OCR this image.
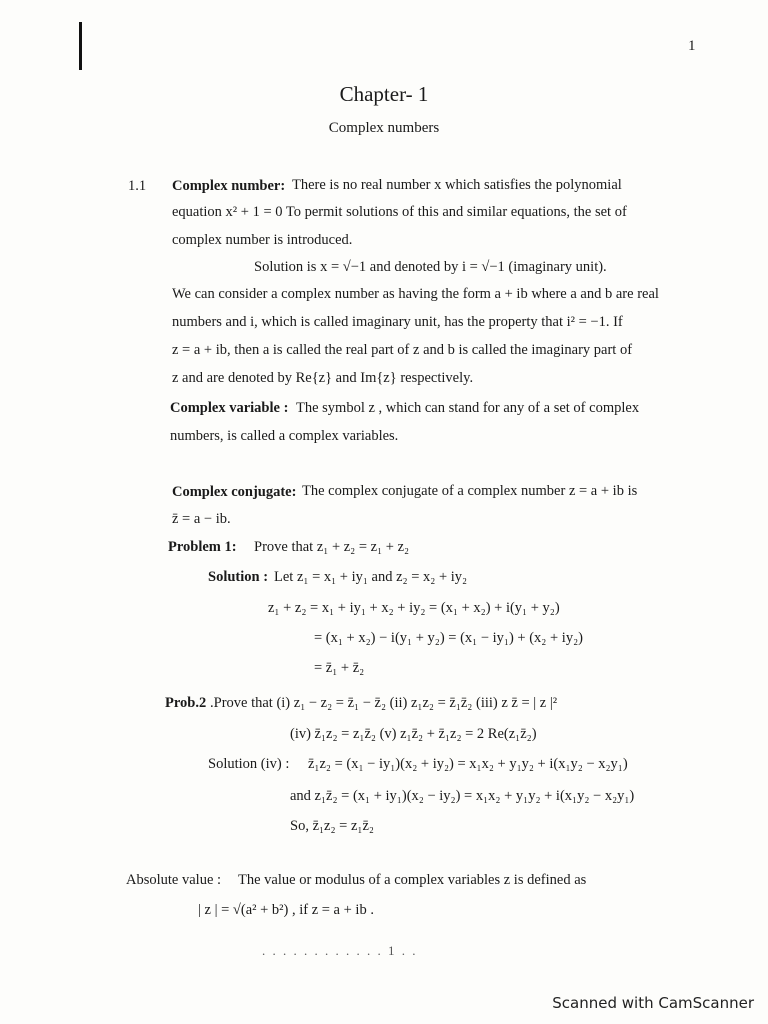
1
Chapter- 1
Complex numbers
1.1 Complex number: There is no real number x which satisfies the polynomial
equation x² + 1 = 0 To permit solutions of this and similar equations, the set of
complex number is introduced.
Solution is x = √−1 and denoted by i = √−1 (imaginary unit).
We can consider a complex number as having the form a + ib where a and b are real
numbers and i, which is called imaginary unit, has the property that i² = −1. If
z = a + ib, then a is called the real part of z and b is called the imaginary part of
z and are denoted by Re{z} and Im{z} respectively.
Complex variable : The symbol z , which can stand for any of a set of complex
numbers, is called a complex variables.
Complex conjugate: The complex conjugate of a complex number z = a + ib is
z̄ = a − ib.
Problem 1: Prove that z₁ + z₂ = z₁ + z₂
Solution : Let z₁ = x₁ + iy₁ and z₂ = x₂ + iy₂
z₁ + z₂ = x₁ + iy₁ + x₂ + iy₂ = (x₁ + x₂) + i(y₁ + y₂)
= (x₁ + x₂) − i(y₁ + y₂) = (x₁ − iy₁) + (x₂ + iy₂)
= z̄₁ + z̄₂
Prob.2 .Prove that (i) z₁ − z₂ = z̄₁ − z̄₂ (ii) z₁z₂ = z̄₁z̄₂ (iii) z z̄ = | z |²
(iv) z̄₁z₂ = z₁z̄₂ (v) z₁z̄₂ + z̄₁z₂ = 2 Re(z₁z̄₂)
Solution (iv) : z̄₁z₂ = (x₁ − iy₁)(x₂ + iy₂) = x₁x₂ + y₁y₂ + i(x₁y₂ − x₂y₁)
and z₁z̄₂ = (x₁ + iy₁)(x₂ − iy₂) = x₁x₂ + y₁y₂ + i(x₁y₂ − x₂y₁)
So, z̄₁z₂ = z₁z̄₂
Absolute value : The value or modulus of a complex variables z is defined as
| z | = √(a² + b²) , if z = a + ib .
. . . . . . . . . . . . 1 . .
Scanned with CamScanner
